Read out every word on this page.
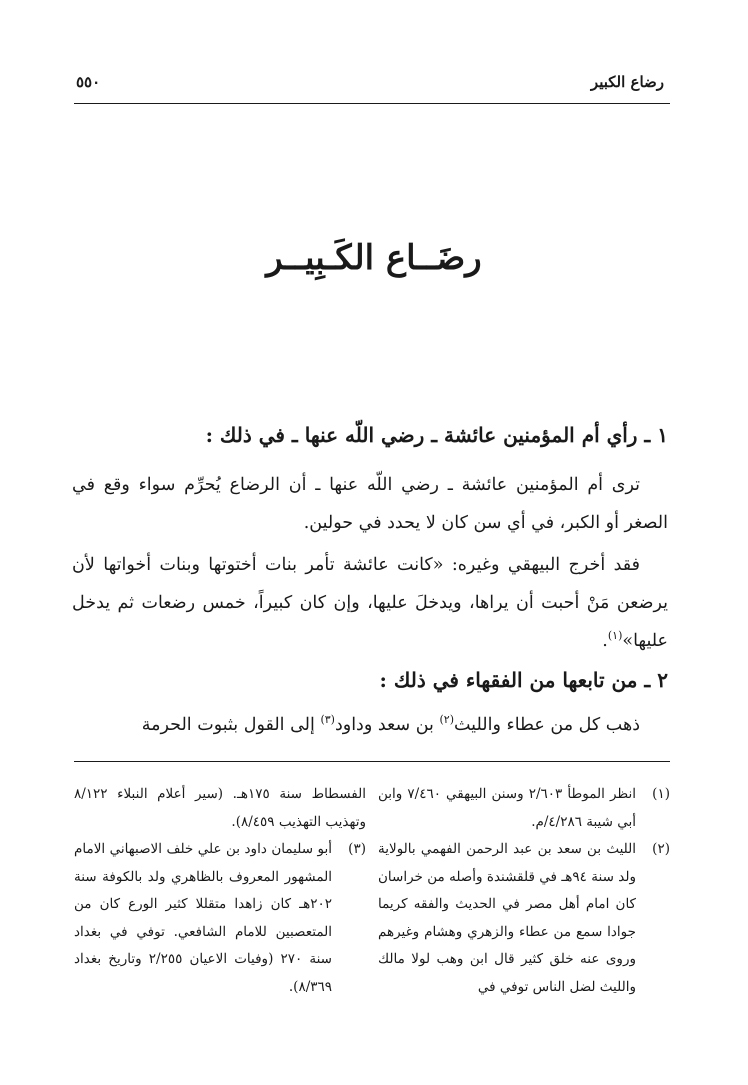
رضاع الكبير
٥٥٠
رضَــاع الكَـبِيــر
١ ـ رأي أم المؤمنين عائشة ـ رضي اللّه عنها ـ في ذلك :

ترى أم المؤمنين عائشة ـ رضي اللّه عنها ـ أن الرضاع يُحرِّم سواء وقع في الصغر أو الكبر، في أي سن كان لا يحدد في حولين.

فقد أخرج البيهقي وغيره: «كانت عائشة تأمر بنات أختوتها وبنات أخواتها لأن يرضعن مَنْ أحبت أن يراها، ويدخلَ عليها، وإن كان كبيراً، خمس رضعات ثم يدخل عليها»$^{(١)}$.

٢ ـ من تابعها من الفقهاء في ذلك :

ذهب كل من عطاء والليث$^{(٢)}$ بن سعد وداود$^{(٣)}$ إلى القول بثبوت الحرمة

(١)
انظر الموطأ ٢/٦٠٣ وسنن البيهقي ٧/٤٦٠ وابن أبي شيبة ٤/٢٨٦/م.

(٢)
الليث بن سعد بن عبد الرحمن الفهمي بالولاية ولد سنة ٩٤هـ في قلقشندة وأصله من خراسان كان امام أهل مصر في الحديث والفقه كريما جوادا سمع من عطاء والزهري وهشام وغيرهم وروى عنه خلق كثير قال ابن وهب لولا مالك والليث لضل الناس توفي في

الفسطاط سنة ١٧٥هـ. (سير أعلام النبلاء ٨/١٢٢ وتهذيب التهذيب ٨/٤٥٩).

(٣)
أبو سليمان داود بن علي خلف الاصبهاني الامام المشهور المعروف بالظاهري ولد بالكوفة سنة ٢٠٢هـ كان زاهدا متقللا كثير الورع كان من المتعصبين للامام الشافعي. توفي في بغداد سنة ٢٧٠ (وفيات الاعيان ٢/٢٥٥ وتاريخ بغداد ٨/٣٦٩).
